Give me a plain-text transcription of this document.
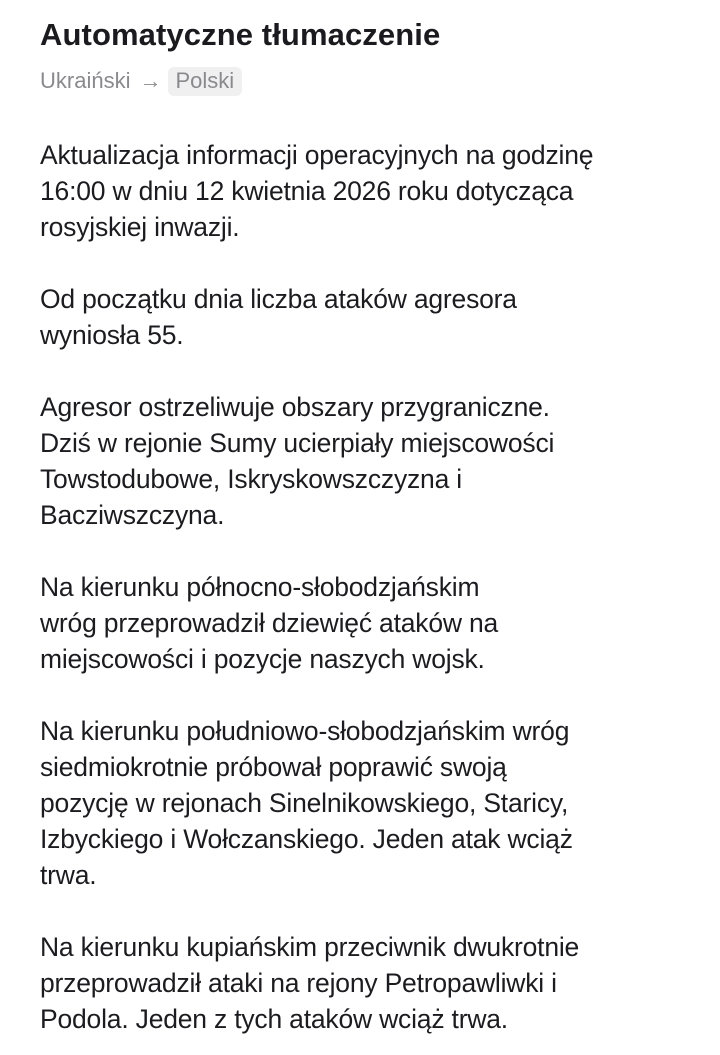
Automatyczne tłumaczenie
Ukraiński → Polski

Aktualizacja informacji operacyjnych na godzinę
16:00 w dniu 12 kwietnia 2026 roku dotycząca
rosyjskiej inwazji.

Od początku dnia liczba ataków agresora
wyniosła 55.

Agresor ostrzeliwuje obszary przygraniczne.
Dziś w rejonie Sumy ucierpiały miejscowości
Towstodubowe, Iskryskowszczyzna i
Bacziwszczyna.

Na kierunku północno-słobodzjańskim
wróg przeprowadził dziewięć ataków na
miejscowości i pozycje naszych wojsk.

Na kierunku południowo-słobodzjańskim wróg
siedmiokrotnie próbował poprawić swoją
pozycję w rejonach Sinelnikowskiego, Staricy,
Izbyckiego i Wołczanskiego. Jeden atak wciąż
trwa.

Na kierunku kupiańskim przeciwnik dwukrotnie
przeprowadził ataki na rejony Petropawliwki i
Podola. Jeden z tych ataków wciąż trwa.
